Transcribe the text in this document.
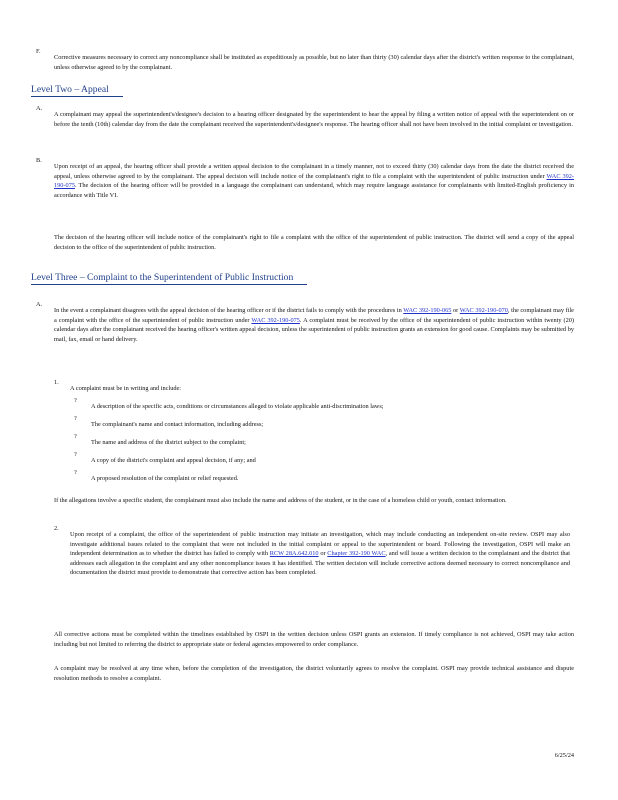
F.

Corrective measures necessary to correct any noncompliance shall be instituted as expeditiously as possible, but no later than thirty (30) calendar days after the district's written response to the complainant, unless otherwise agreed to by the complainant.

Level Two – Appeal
A.

A complainant may appeal the superintendent's/designee's decision to a hearing officer designated by the superintendent to hear the appeal by filing a written notice of appeal with the superintendent on or before the tenth (10th) calendar day from the date the complainant received the superintendent's/designee's response. The hearing officer shall not have been involved in the initial complaint or investigation.

B.

Upon receipt of an appeal, the hearing officer shall provide a written appeal decision to the complainant in a timely manner, not to exceed thirty (30) calendar days from the date the district received the appeal, unless otherwise agreed to by the complainant. The appeal decision will include notice of the complainant's right to file a complaint with the superintendent of public instruction under WAC 392-190-075. The decision of the hearing officer will be provided in a language the complainant can understand, which may require language assistance for complainants with limited-English proficiency in accordance with Title VI.

The decision of the hearing officer will include notice of the complainant's right to file a complaint with the office of the superintendent of public instruction. The district will send a copy of the appeal decision to the office of the superintendent of public instruction.

Level Three – Complaint to the Superintendent of Public Instruction
A.

In the event a complainant disagrees with the appeal decision of the hearing officer or if the district fails to comply with the procedures in WAC 392-190-065 or WAC 392-190-070, the complainant may file a complaint with the office of the superintendent of public instruction under WAC 392-190-075. A complaint must be received by the office of the superintendent of public instruction within twenty (20) calendar days after the complainant received the hearing officer's written appeal decision, unless the superintendent of public instruction grants an extension for good cause. Complaints may be submitted by mail, fax, email or hand delivery.

1.

A complaint must be in writing and include:

?

A description of the specific acts, conditions or circumstances alleged to violate applicable anti-discrimination laws;

?

The complainant's name and contact information, including address;

?

The name and address of the district subject to the complaint;

?

A copy of the district's complaint and appeal decision, if any; and

?

A proposed resolution of the complaint or relief requested.

If the allegations involve a specific student, the complainant must also include the name and address of the student, or in the case of a homeless child or youth, contact information.

2.

Upon receipt of a complaint, the office of the superintendent of public instruction may initiate an investigation, which may include conducting an independent on-site review. OSPI may also investigate additional issues related to the complaint that were not included in the initial complaint or appeal to the superintendent or board. Following the investigation, OSPI will make an independent determination as to whether the district has failed to comply with RCW 28A.642.010 or Chapter 392-190 WAC, and will issue a written decision to the complainant and the district that addresses each allegation in the complaint and any other noncompliance issues it has identified. The written decision will include corrective actions deemed necessary to correct noncompliance and documentation the district must provide to demonstrate that corrective action has been completed.

All corrective actions must be completed within the timelines established by OSPI in the written decision unless OSPI grants an extension. If timely compliance is not achieved, OSPI may take action including but not limited to referring the district to appropriate state or federal agencies empowered to order compliance.

A complaint may be resolved at any time when, before the completion of the investigation, the district voluntarily agrees to resolve the complaint. OSPI may provide technical assistance and dispute resolution methods to resolve a complaint.

6/25/24
